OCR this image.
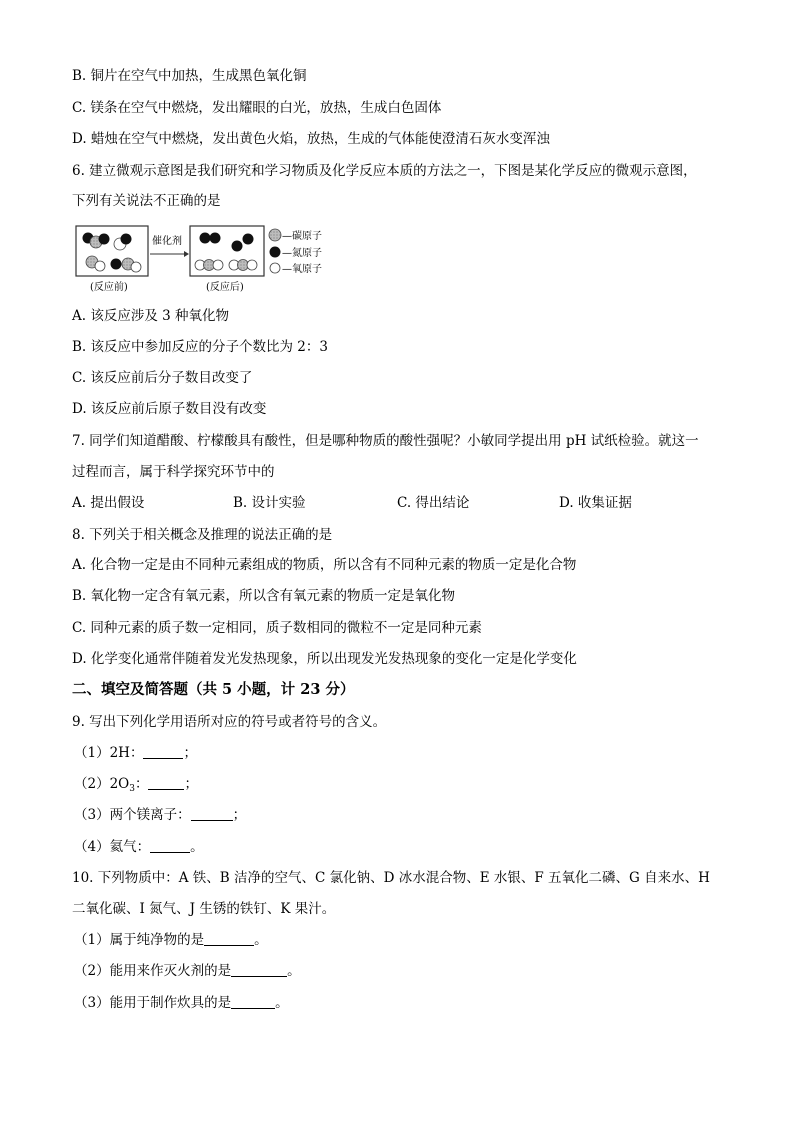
B. 铜片在空气中加热，生成黑色氧化铜
C. 镁条在空气中燃烧，发出耀眼的白光，放热，生成白色固体
D. 蜡烛在空气中燃烧，发出黄色火焰，放热，生成的气体能使澄清石灰水变浑浊
6. 建立微观示意图是我们研究和学习物质及化学反应本质的方法之一，下图是某化学反应的微观示意图，
下列有关说法不正确的是
催化剂
(反应前)	(反应后)
—碳原子
—氮原子
—氧原子
A. 该反应涉及 3 种氧化物
B. 该反应中参加反应的分子个数比为 2：3
C. 该反应前后分子数目改变了
D. 该反应前后原子数目没有改变
7. 同学们知道醋酸、柠檬酸具有酸性，但是哪种物质的酸性强呢？小敏同学提出用 pH 试纸检验。就这一
过程而言，属于科学探究环节中的
A. 提出假设	B. 设计实验	C. 得出结论	D. 收集证据
8. 下列关于相关概念及推理的说法正确的是
A. 化合物一定是由不同种元素组成的物质，所以含有不同种元素的物质一定是化合物
B. 氧化物一定含有氧元素，所以含有氧元素的物质一定是氧化物
C. 同种元素的质子数一定相同，质子数相同的微粒不一定是同种元素
D. 化学变化通常伴随着发光发热现象，所以出现发光发热现象的变化一定是化学变化
二、填空及简答题（共 5 小题，计 23 分）
9. 写出下列化学用语所对应的符号或者符号的含义。
（1）2H：	；
$(2)2O_3$：	；
（3）两个镁离子：	；
（4）氦气：	。
10. 下列物质中：A 铁、B 洁净的空气、C 氯化钠、D 冰水混合物、E 水银、F 五氧化二磷、G 自来水、H
二氧化碳、I 氮气、J 生锈的铁钉、K 果汁。
（1）属于纯净物的是	。
（2）能用来作灭火剂的是	。
（3）能用于制作炊具的是	。
